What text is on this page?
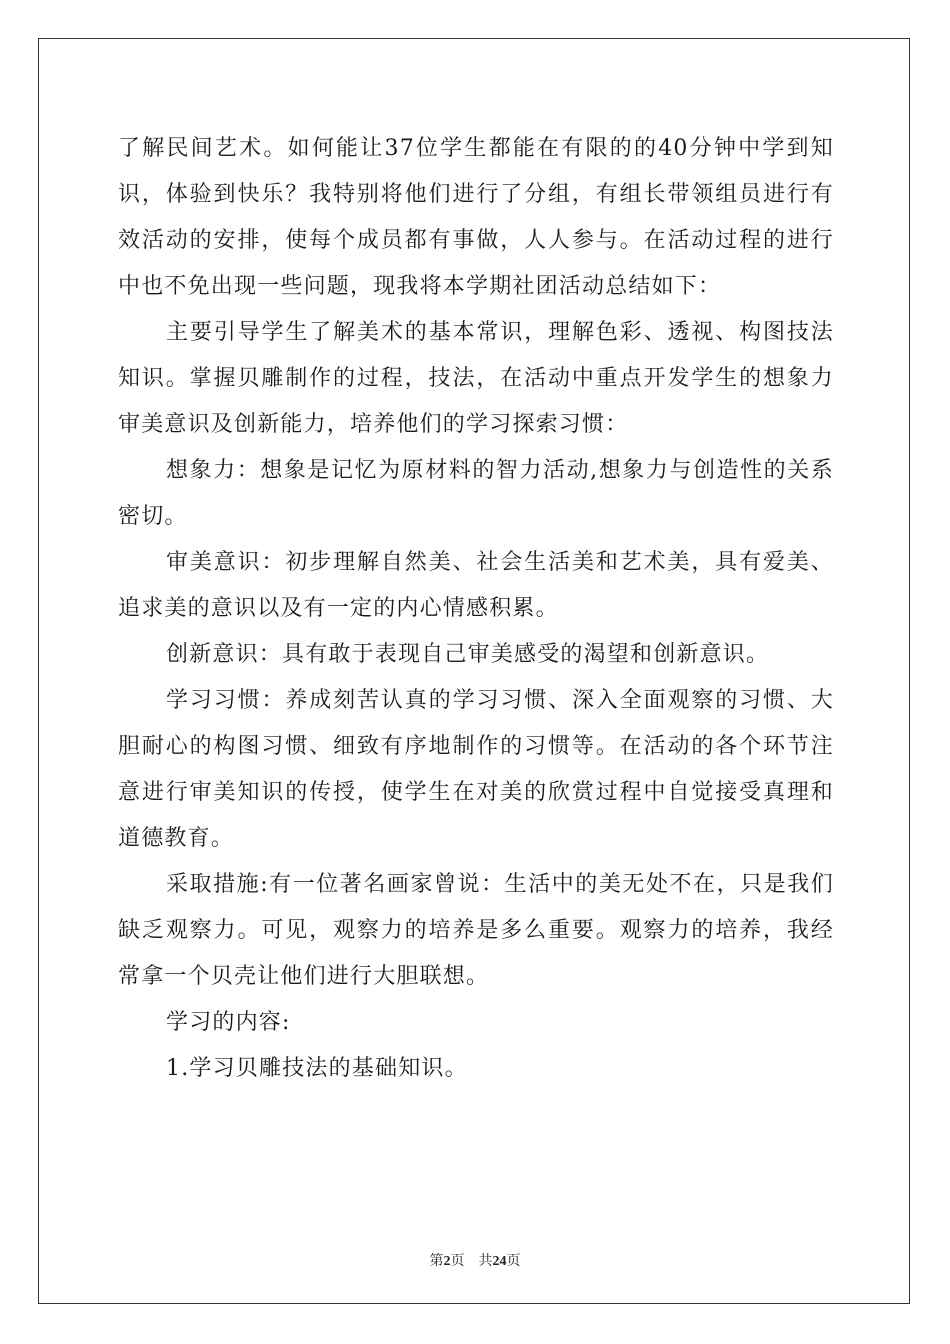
了解民间艺术。如何能让37位学生都能在有限的的40分钟中学到知识，体验到快乐？我特别将他们进行了分组，有组长带领组员进行有效活动的安排，使每个成员都有事做，人人参与。在活动过程的进行中也不免出现一些问题，现我将本学期社团活动总结如下：

主要引导学生了解美术的基本常识，理解色彩、透视、构图技法知识。掌握贝雕制作的过程，技法，在活动中重点开发学生的想象力审美意识及创新能力，培养他们的学习探索习惯：

想象力：想象是记忆为原材料的智力活动,想象力与创造性的关系密切。

审美意识：初步理解自然美、社会生活美和艺术美，具有爱美、追求美的意识以及有一定的内心情感积累。

创新意识：具有敢于表现自己审美感受的渴望和创新意识。

学习习惯：养成刻苦认真的学习习惯、深入全面观察的习惯、大胆耐心的构图习惯、细致有序地制作的习惯等。在活动的各个环节注意进行审美知识的传授，使学生在对美的欣赏过程中自觉接受真理和道德教育。

采取措施:有一位著名画家曾说：生活中的美无处不在，只是我们缺乏观察力。可见，观察力的培养是多么重要。观察力的培养，我经常拿一个贝壳让他们进行大胆联想。

学习的内容:

1.学习贝雕技法的基础知识。

第2页 共24页
